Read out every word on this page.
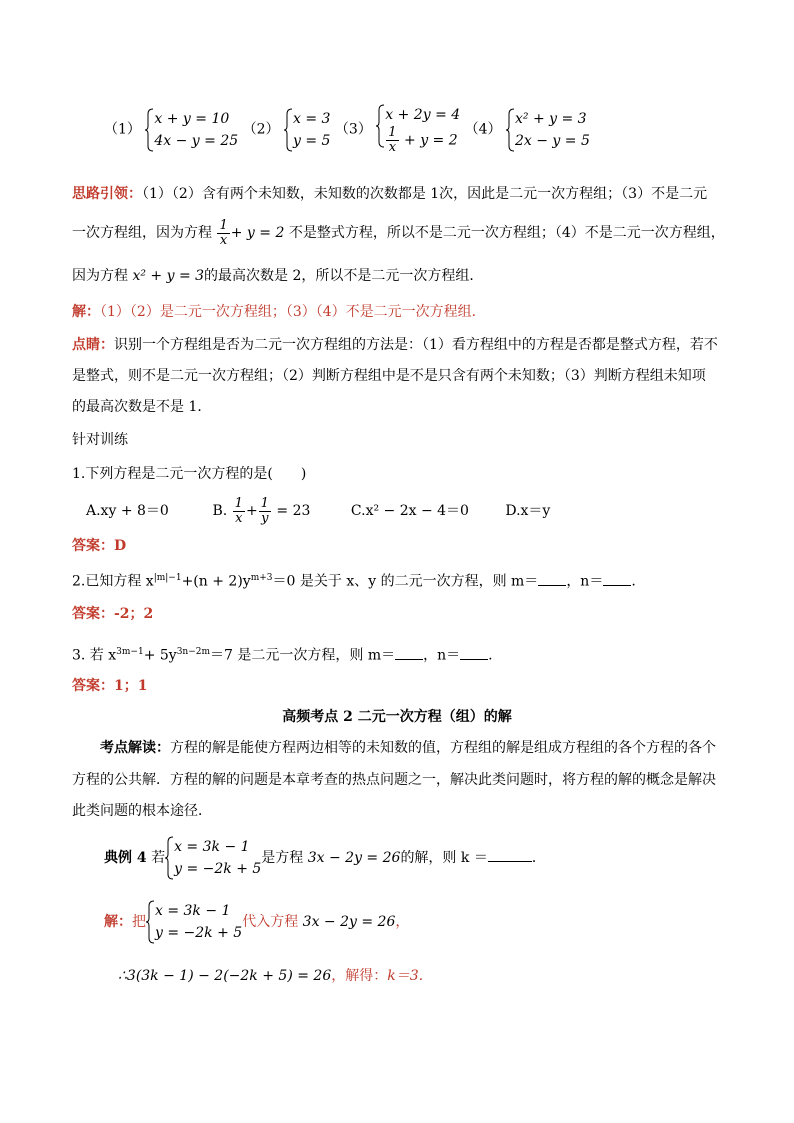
（1）
x + y = 10
4x − y = 25
（2）
x = 3
y = 5
（3）
x + 2y = 4
$\frac{1}{x} + y = 2$
（4）
x² + y = 3
2x − y = 5
思路引领：（1）（2）含有两个未知数，未知数的次数都是 1次，因此是二元一次方程组；（3）不是二元
一次方程组，因为方程 $\frac{1}{x} + y = 2$ 不是整式方程，所以不是二元一次方程组；（4）不是二元一次方程组，
因为方程 x² + y = 3的最高次数是 2，所以不是二元一次方程组．
解：（1）（2）是二元一次方程组；（3）（4）不是二元一次方程组．
点睛：识别一个方程组是否为二元一次方程组的方法是：（1）看方程组中的方程是否都是整式方程，若不
是整式，则不是二元一次方程组；（2）判断方程组中是不是只含有两个未知数；（3）判断方程组未知项
的最高次数是不是 1．
针对训练
1.下列方程是二元一次方程的是(　　)
A.xy + 8＝0	B. $\frac{1}{x} + \frac{1}{y} = 23$	C.x² − 2x − 4＝0	D.x＝y
答案：D
2.已知方程 $x^{|m|-1}+(n + 2)y^{m+3}=0$ 是关于 x、y 的二元一次方程，则 m＝ ，n＝ .
答案：-2；2
3. 若 $x^{3m-1}+ 5y^{3n-2m}=7$ 是二元一次方程，则 m＝ ，n＝ .
答案：1；1
高频考点 2 二元一次方程（组）的解
考点解读：方程的解是能使方程两边相等的未知数的值，方程组的解是组成方程组的各个方程的各个
方程的公共解．方程的解的问题是本章考查的热点问题之一，解决此类问题时，将方程的解的概念是解决
此类问题的根本途径．
典例 4 若
x = 3k − 1
y = −2k + 5
是方程 3x − 2y = 26的解，则 k ＝	．
解：把
x = 3k − 1
y = −2k + 5
代入方程 3x − 2y = 26，
∴3(3k − 1) − 2(−2k + 5) = 26，解得：k＝3.
